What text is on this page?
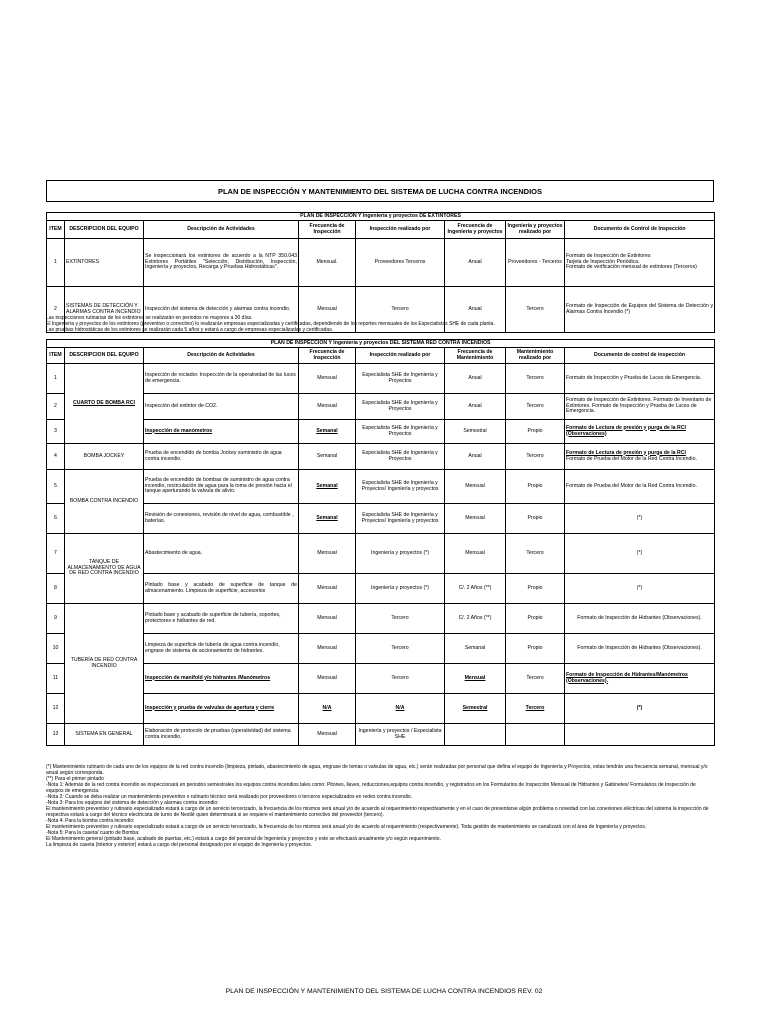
PLAN DE INSPECCIÓN Y MANTENIMIENTO DEL SISTEMA DE LUCHA CONTRA INCENDIOS
PLAN DE INSPECCIÓN Y Ingeniería y proyectos DE EXTINTORES							
ITEM	DESCRIPCION DEL EQUIPO	Descripción de Actividades	Frecuencia de Inspección	Inspección realizado por	Frecuencia de Ingeniería y proyectos	Ingeniería y proyectos realizado por	Documento de Control de Inspección
1	EXTINTORES	Se inspeccionará los extintores de acuerdo a la NTP 350.043 Extintores Portátiles "Selección, Distribución, Inspección, Ingeniería y proyectos, Recarga y Pruebas Hidrostáticas".	Mensual.	Proveedores Terceros	Anual	Proveedores - Terceros	Formato de Inspección de Extintores
Tarjeta de Inspección Periódica.
Formato de verificación mensual de extintores (Terceros)

2	SISTEMAS DE DETECCIÓN Y ALARMAS CONTRA INCENDIO	Inspección del sistema de detección y alarmas contra incendio.	Mensual	Tercero	Anual	Tercero	Formato de Inspección de Equipos del Sistema de Detección y Alarmas Contra Incendio (*)
Las inspecciones rutinarias de los extintores se realizarán en periodos no mayores a 30 días.
El Ingeniería y proyectos de los extintores (preventivo o correctivo) lo realizarán empresas especializadas y certificadas, dependiendo de los reportes mensuales de los Especialistas SHE de cada planta.
Las pruebas hidrostáticas de los extintores se realizarán cada 5 años y estará a cargo de empresas especializadas y certificadas.
PLAN DE INSPECCIÓN Y Ingeniería y proyectos DEL SISTEMA RED CONTRA INCENDIOS							
ITEM	DESCRIPCION DEL EQUIPO	Descripción de Actividades	Frecuencia de Inspección	Inspección realizado por	Frecuencia de Mantenimiento	Mantenimiento realizado por	Documento de control de inspección
1	CUARTO DE BOMBA RCI	Inspección de rociador. Inspección de la operatividad de las luces de emergencia.	Mensual	Especialista SHE de Ingeniería y Proyectos	Anual	Tercero	Formato de Inspección y Prueba de Luces de Emergencia.
2		Inspección del extintor de CO2.	Mensual	Especialista SHE de Ingeniería y Proyectos	Anual	Tercero	Formato de Inspección de Extintores. Formato de Inventario de Extintores. Formato de Inspección y Prueba de Luces de Emergencia.
3		Inspección de manómetros	Semanal	Especialista SHE de Ingeniería y Proyectos	Semestral	Propio	Formato de Lectura de presión y purga de la RCI (Observaciones)
4	BOMBA JOCKEY	Prueba de encendido de bomba Jockey suministro de agua contra incendio.	Semanal	Especialista SHE de Ingeniería y Proyectos	Anual	Tercero	Formato de Lectura de presión y purga de la RCI
Formato de Prueba del Motor de la Red Contra Incendio.

5	BOMBA CONTRA INCENDIO	Prueba de encendido de bombas de suministro de agua contra incendio, recirculación de agua para la toma de presión hacia el tanque aperturando la valvula de alivio.	Semanal	Especialista SHE de Ingeniería y Proyectos/ Ingeniería y proyectos	Mensual	Propio	Formato de Prueba del Motor de la Red Contra Incendio.
6		Revisión de conexiones, revisión de nivel de agua, combustible , baterías.	Semanal	Especialista SHE de Ingeniería y Proyectos/ Ingeniería y proyectos	Mensual	Propio	(*)
7	TANQUE DE ALMACENAMIENTO DE AGUA DE RED CONTRA INCENDIO	Abastecimiento de agua.	Mensual	Ingeniería y proyectos (*)	Mensual	Tercero	(*)
8		Pintado base y acabado de superficie de tanque de almacenamiento. Limpieza de superficie, accesorios	Mensual	Ingeniería y proyectos (*)	C/. 2 Años (**)	Propio	(*)
9	TUBERÍA DE RED CONTRA INCENDIO	Pintado base y acabado de superficie de tubería, soportes, protectores e hidrantes de red.	Mensual	Tercero	C/. 2 Años (**)	Propio	Formato de Inspección de Hidrantes (Observaciones).
10		Limpieza de superficie de tubería de agua contra incendio, engrase de sistema de accionamiento de hidrantes.	Mensual	Tercero	Semanal	Propio	Formato de Inspección de Hidrantes (Observaciones).
11		Inspección de manifold y/o hidrantes /Manómetros	Mensual	Tercero	Mensual	Tercero	Formato de Inspección de Hidrantes/Manómetros (Observaciones).
12		Inspección y prueba de valvulas de apertura y cierre	N/A	N/A	Semestral	Tercero	(*)
13	SISTEMA EN GENERAL	Elaboración de protocolo de pruebas (operatividad) del sistema contra incendio.	Mensual	Ingeniería y proyectos / Especialista SHE			
(*) Mantenimiento rutinario de cada uno de los equipos de la red contra incendio (limpieza, pintado, abastecimiento de agua, engrase de tomas o valvulas de agua, etc.) serán realizadas por personal que defina el equipo de Ingeniería y Proyectos, estas tendrán una frecuencia semanal, mensual y/o anual según corresponda.
(**) Para el primer pintado
-Nota 1: Además de la red contra incendio se inspeccionará en periodos semestrales los equipos contra incendios tales como: Pitones, llaves, reducciones,equipos contra incendio, y registrarlos en los Formularios de Inspección Mensual de Hidrantes y Gabinetes/ Formularios de Inspección de equipos de emergencia.
-Nota 2: Cuando se deba realizar un mantenimiento preventivo o rutinario técnico será realizado por proveedores o terceros especializados en redes contra incendio.
-Nota 3: Para los equipos del sistema de detección y alarmas contra incendio:
El mantenimiento preventivo y rutinario especializado estará a cargo de un servicio tercerizado, la frecuencia de los mismos será anual y/o de acuerdo al requerimiento respectivamente y en el caso de presentarse algún problema o novedad con las conexiones eléctricas del sistema la inspección de respectiva estará a cargo del técnico electricista de turno de Nestlé quien determinará si se requiere el mantenimiento correctivo del proveedor (tercero).
-Nota 4: Para la bomba contra incendio:
El mantenimiento preventivo y rutinario especializado estará a cargo de un servicio tercerizado, la frecuencia de los mismos será anual y/o de acuerdo al requerimiento (respectivamente). Toda gestión de mantenimiento se canalizará con el área de Ingeniería y proyectos.
-Nota 5: Para la caseta/ cuarto de Bomba:
El Mantenimiento general (pintado base, acabado de puertas, etc.) estará a cargo del personal de Ingeniería y proyectos y este se efectuará anualmente y/o según requerimiento.
La limpieza de caseta (interior y exterior) estará a cargo del personal designado por el equipo de Ingeniería y proyectos.
PLAN DE INSPECCIÓN Y MANTENIMIENTO DEL SISTEMA DE LUCHA CONTRA INCENDIOS REV. 02
